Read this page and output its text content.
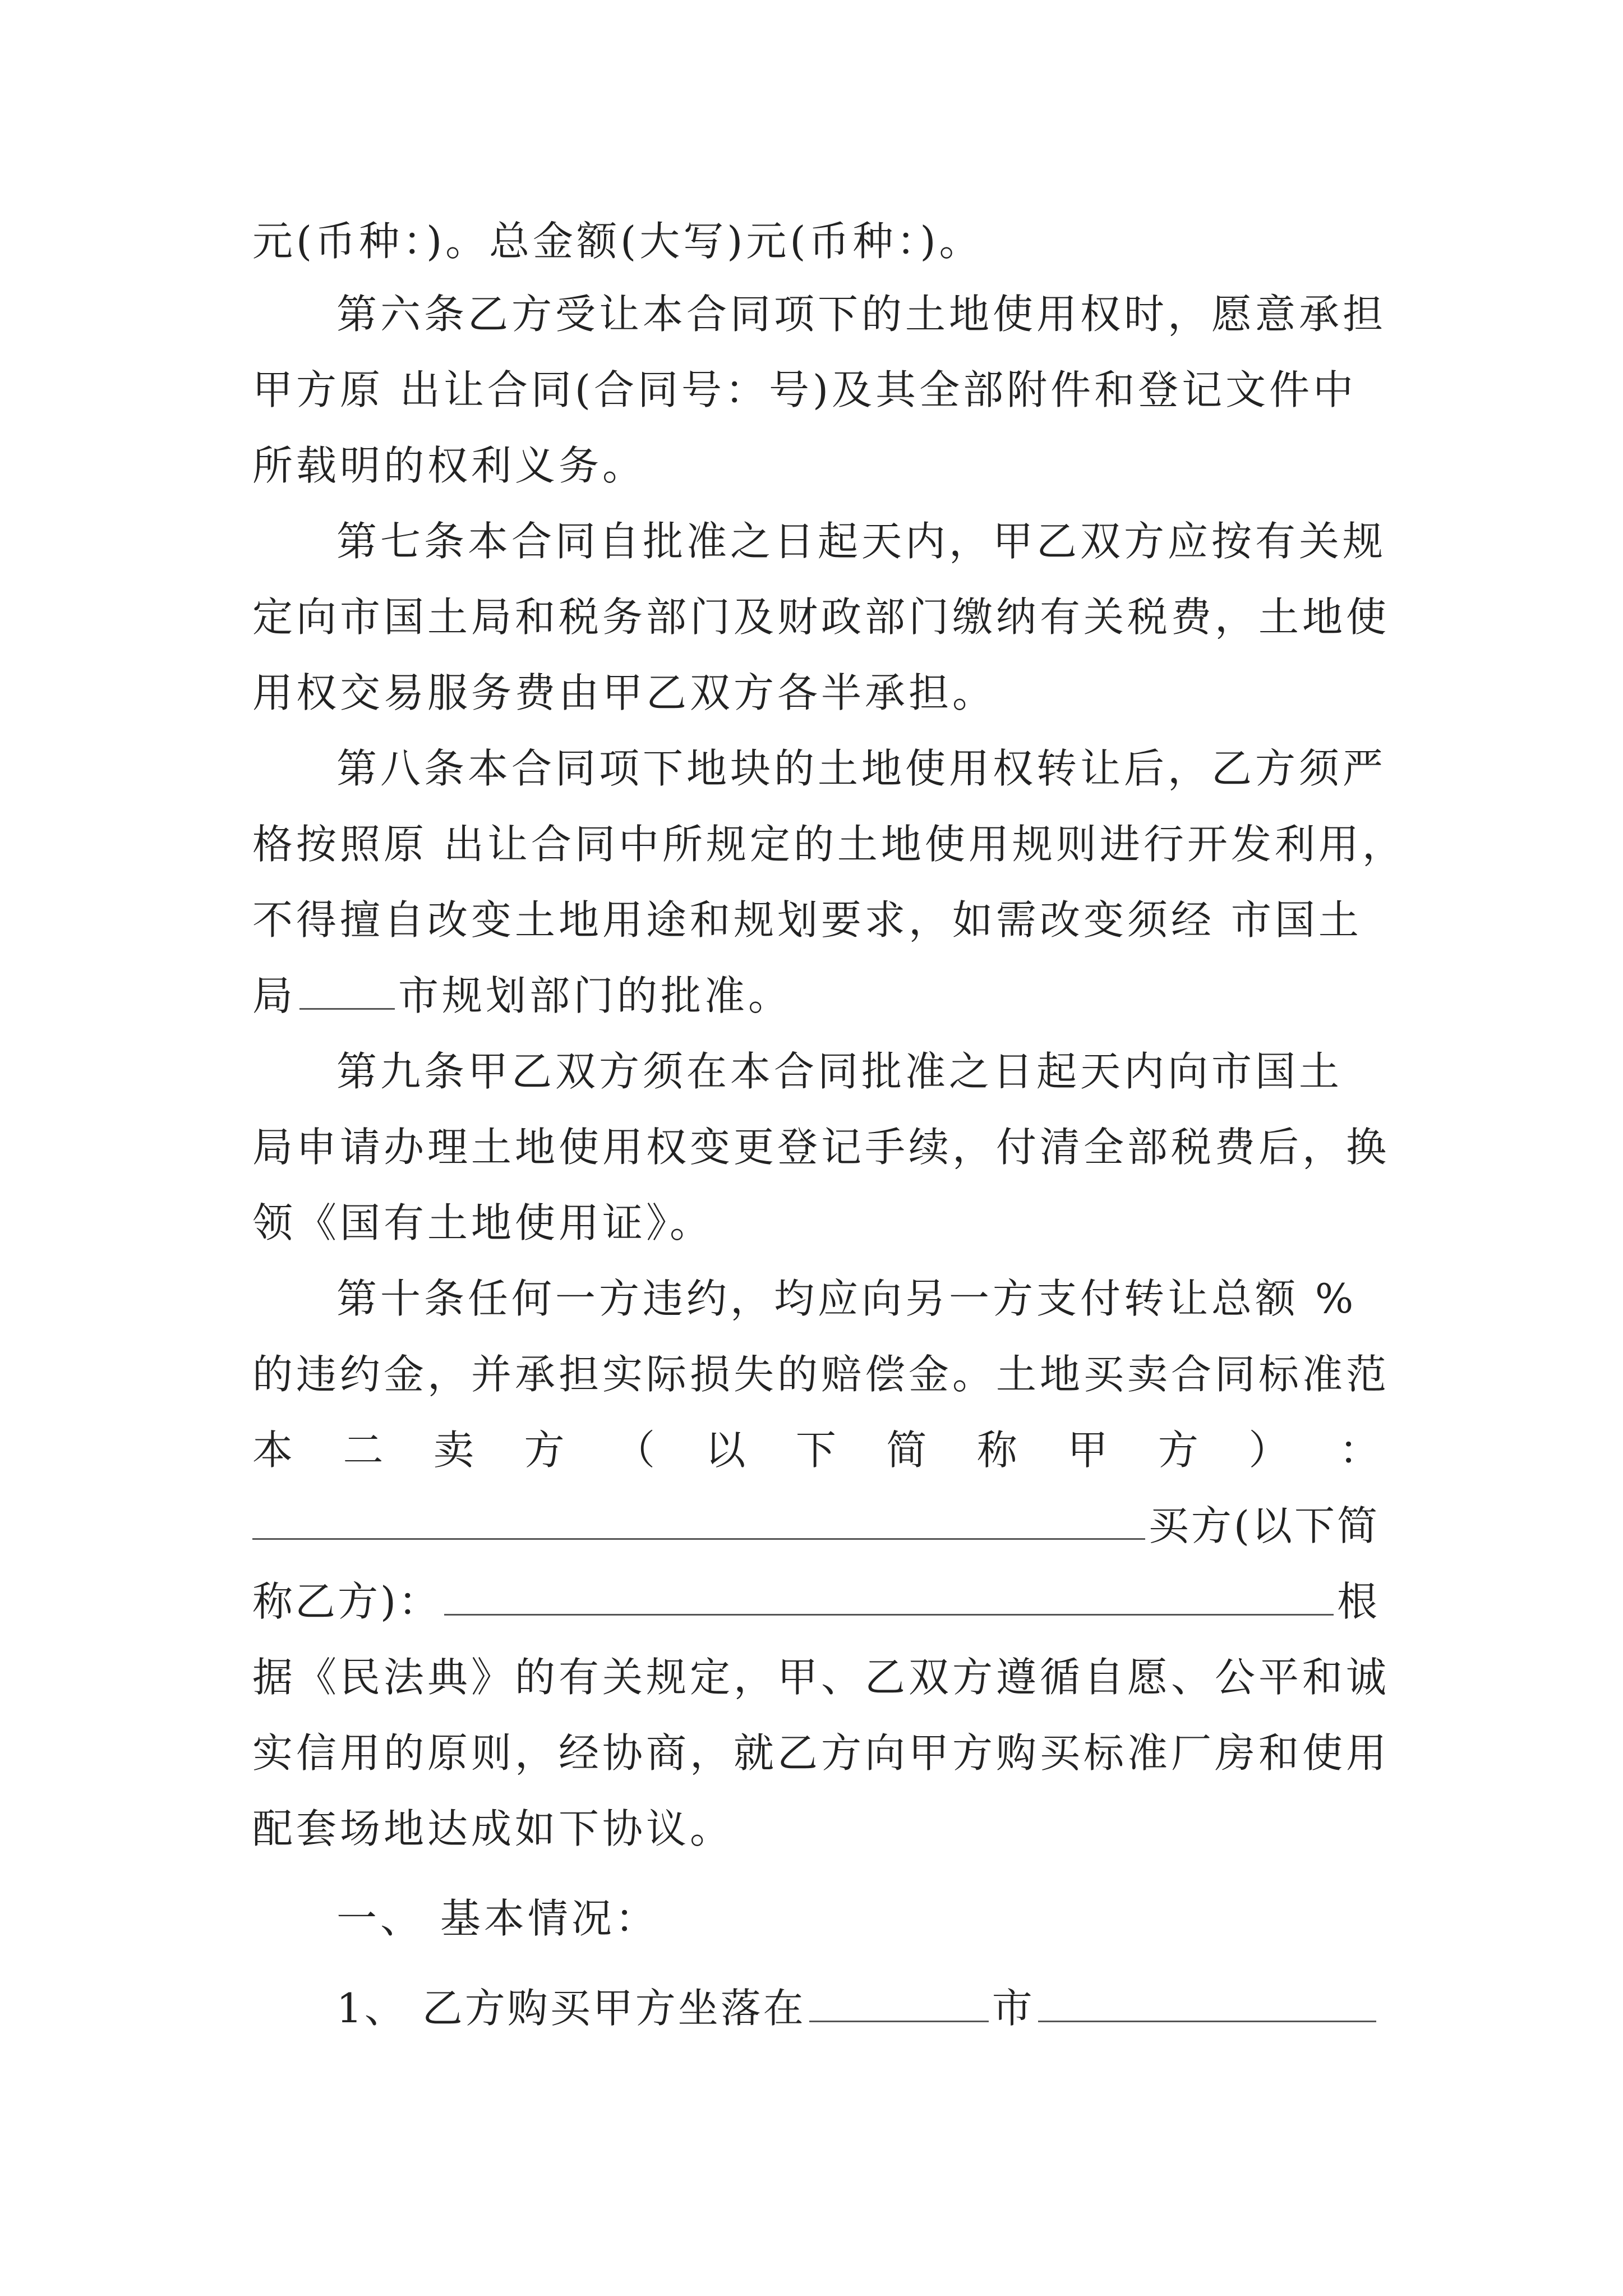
元(币种：)。总金额(大写)元(币种：)。
第六条乙方受让本合同项下的土地使用权时，愿意承担
甲方原 出让合同(合同号：号)及其全部附件和登记文件中
所载明的权利义务。
第七条本合同自批准之日起天内，甲乙双方应按有关规
定向市国土局和税务部门及财政部门缴纳有关税费，土地使
用权交易服务费由甲乙双方各半承担。
第八条本合同项下地块的土地使用权转让后，乙方须严
格按照原 出让合同中所规定的土地使用规则进行开发利用，
不得擅自改变土地用途和规划要求，如需改变须经 市国土
局	市规划部门的批准。
第九条甲乙双方须在本合同批准之日起天内向市国土
局申请办理土地使用权变更登记手续，付清全部税费后，换
领《国有土地使用证》。
第十条任何一方违约，均应向另一方支付转让总额 %
的违约金，并承担实际损失的赔偿金。土地买卖合同标准范
本 二 卖 方 （ 以 下 简 称 甲 方 ） ：
买方(以下简
称乙方)：	根
据《民法典》的有关规定，甲、乙双方遵循自愿、公平和诚
实信用的原则，经协商，就乙方向甲方购买标准厂房和使用
配套场地达成如下协议。
一、 基本情况：
1、 乙方购买甲方坐落在	市
